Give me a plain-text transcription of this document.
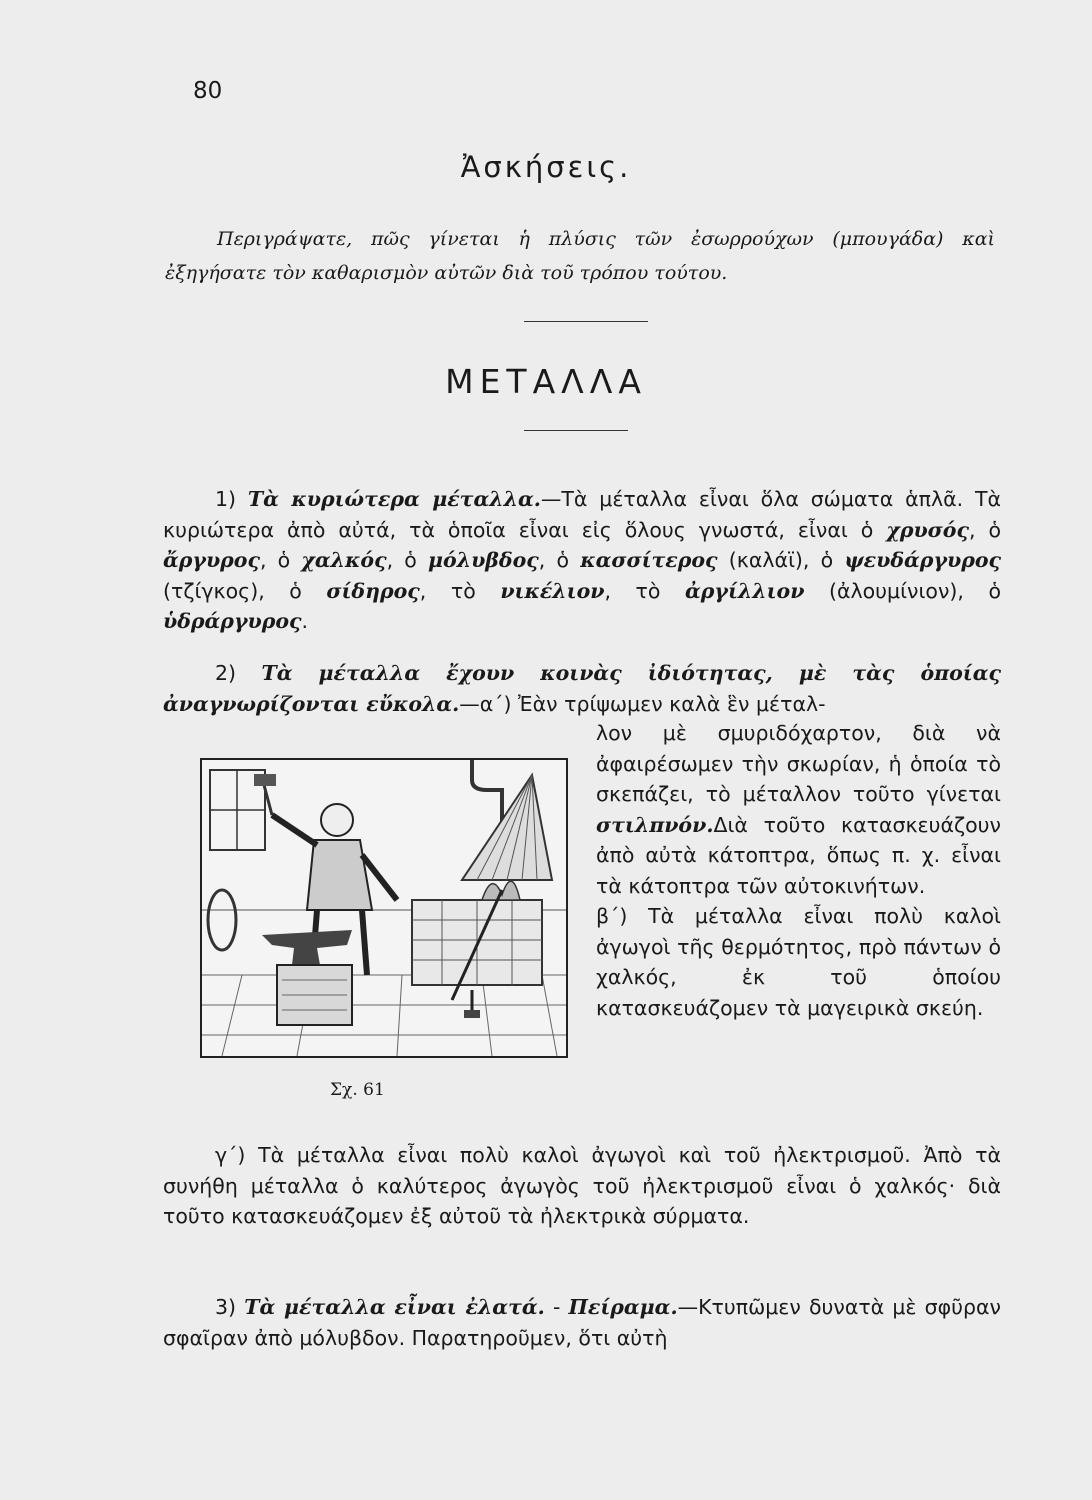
80
Ἀσκήσεις.

Περιγράψατε, πῶς γίνεται ἡ πλύσις τῶν ἐσωρρούχων (μπουγάδα) καὶ ἐξηγήσατε τὸν καθαρισμὸν αὐτῶν διὰ τοῦ τρόπου τούτου.

ΜΕΤΑΛΛΑ

1) Τὰ κυριώτερα μέταλλα.—Τὰ μέταλλα εἶναι ὅλα σώματα ἁπλᾶ. Τὰ κυριώτερα ἀπὸ αὐτά, τὰ ὁποῖα εἶναι εἰς ὅλους γνωστά, εἶναι ὁ χρυσός, ὁ ἄργυρος, ὁ χαλκός, ὁ μόλυβδος, ὁ κασσίτερος (καλάϊ), ὁ ψευδάργυρος (τζίγκος), ὁ σίδηρος, τὸ νικέλιον, τὸ ἀργίλλιον (ἀλουμίνιον), ὁ ὑδράργυρος.

2) Τὰ μέταλλα ἔχουν κοινὰς ἰδιότητας, μὲ τὰς ὁποίας ἀναγνωρίζονται εὔκολα.—α΄) Ἐὰν τρίψωμεν καλὰ ἓν μέταλ-

λον μὲ σμυριδόχαρτον, διὰ νὰ ἀφαιρέσωμεν τὴν σκωρίαν, ἡ ὁποία τὸ σκεπάζει, τὸ μέταλλον τοῦτο γίνεται στιλπνόν.Διὰ τοῦτο κατασκευάζουν ἀπὸ αὐτὰ κάτοπτρα, ὅπως π. χ. εἶναι τὰ κάτοπτρα τῶν αὐτοκινήτων.

β΄) Τὰ μέταλλα εἶναι πολὺ καλοὶ ἀγωγοὶ τῆς θερμότητος, πρὸ πάντων ὁ χαλκός, ἐκ τοῦ ὁποίου κατασκευάζομεν τὰ μαγειρικὰ σκεύη.

Σχ. 61

γ΄) Τὰ μέταλλα εἶναι πολὺ καλοὶ ἀγωγοὶ καὶ τοῦ ἠλεκτρισμοῦ. Ἀπὸ τὰ συνήθη μέταλλα ὁ καλύτερος ἀγωγὸς τοῦ ἠλεκτρισμοῦ εἶναι ὁ χαλκός· διὰ τοῦτο κατασκευάζομεν ἐξ αὐτοῦ τὰ ἠλεκτρικὰ σύρματα.

3) Τὰ μέταλλα εἶναι ἐλατά. - Πείραμα.—Κτυπῶμεν δυνατὰ μὲ σφῦραν σφαῖραν ἀπὸ μόλυβδον. Παρατηροῦμεν, ὅτι αὐτὴ
